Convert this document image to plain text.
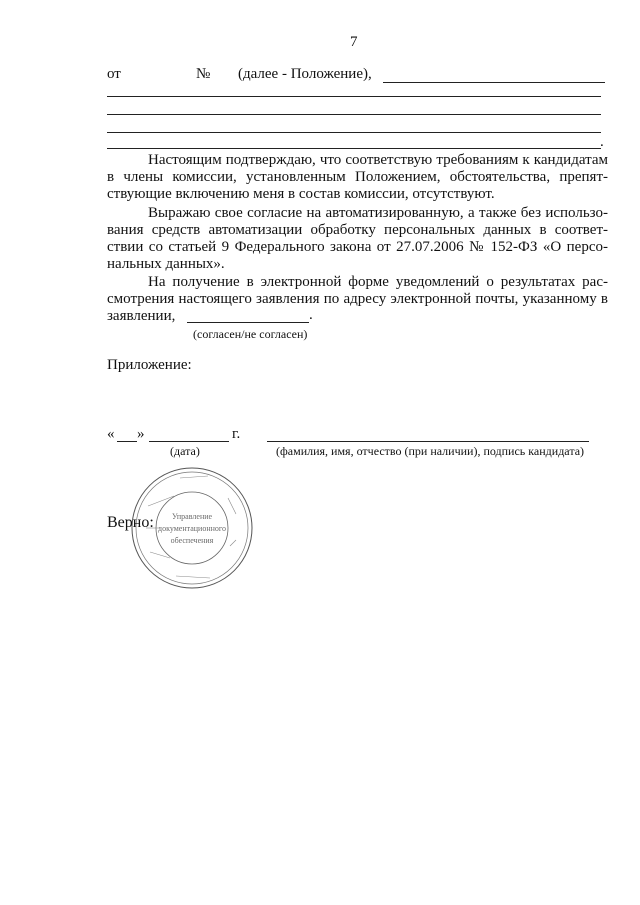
7
от	№ (далее - Положение),
.
Настоящим подтверждаю, что соответствую требованиям к кандидатам
в члены комиссии, установленным Положением, обстоятельства, препят-
ствующие включению меня в состав комиссии, отсутствуют.
Выражаю свое согласие на автоматизированную, а также без использо-
вания средств автоматизации обработку персональных данных в соответ-
ствии со статьей 9 Федерального закона от 27.07.2006 № 152-ФЗ «О персо-
нальных данных».
На получение в электронной форме уведомлений о результатах рас-
смотрения настоящего заявления по адресу электронной почты, указанному в
заявлении,	.
(согласен/не согласен)
Приложение:
« »	г.
(дата)	(фамилия, имя, отчество (при наличии), подпись кандидата)
Управление
документационного
обеспечения
Верно:
